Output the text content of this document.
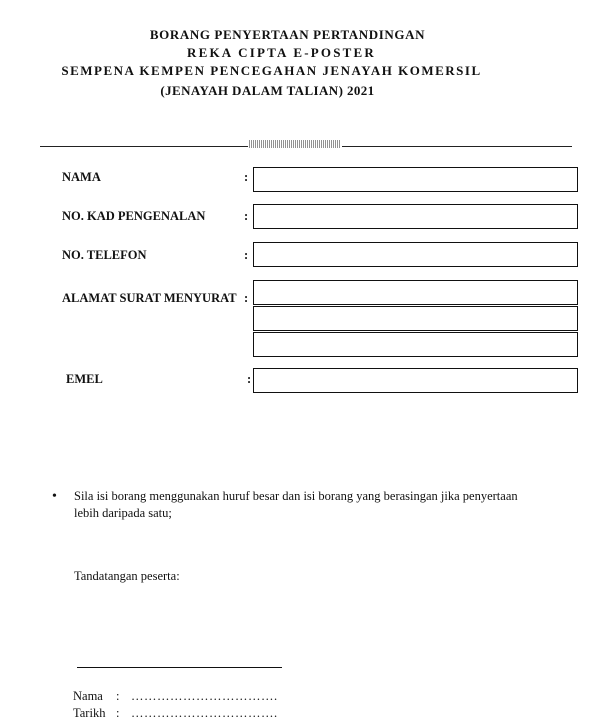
BORANG PENYERTAAN PERTANDINGAN
REKA CIPTA E-POSTER
SEMPENA KEMPEN PENCEGAHAN JENAYAH KOMERSIL
(JENAYAH DALAM TALIAN) 2021
NAMA	:
NO. KAD PENGENALAN	:
NO. TELEFON	:
ALAMAT SURAT MENYURAT :
EMEL	:
• Sila isi borang menggunakan huruf besar dan isi borang yang berasingan jika penyertaan lebih daripada satu;
Tandatangan peserta:
Nama : …………………………….
Tarikh : …………………………….
